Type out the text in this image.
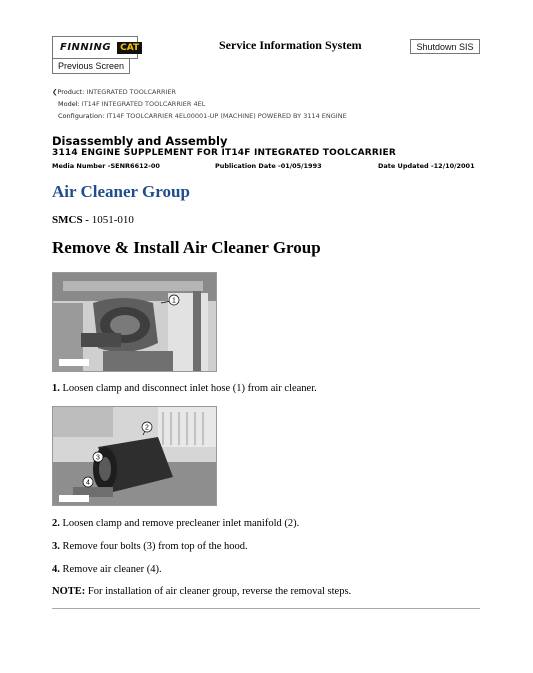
FINNING	CAT
Previous Screen
Service Information System	Shutdown SIS
❮Product: INTEGRATED TOOLCARRIER
Model: IT14F INTEGRATED TOOLCARRIER 4EL
Configuration: IT14F TOOLCARRIER 4EL00001-UP (MACHINE) POWERED BY 3114 ENGINE
Disassembly and Assembly
3114 ENGINE SUPPLEMENT FOR IT14F INTEGRATED TOOLCARRIER
Media Number -SENR6612-00	Publication Date -01/05/1993	Date Updated -12/10/2001
Air Cleaner Group
SMCS - 1051-010
Remove & Install Air Cleaner Group
1
1. Loosen clamp and disconnect inlet hose (1) from air cleaner.
2
3
4
2. Loosen clamp and remove precleaner inlet manifold (2).
3. Remove four bolts (3) from top of the hood.
4. Remove air cleaner (4).
NOTE: For installation of air cleaner group, reverse the removal steps.
